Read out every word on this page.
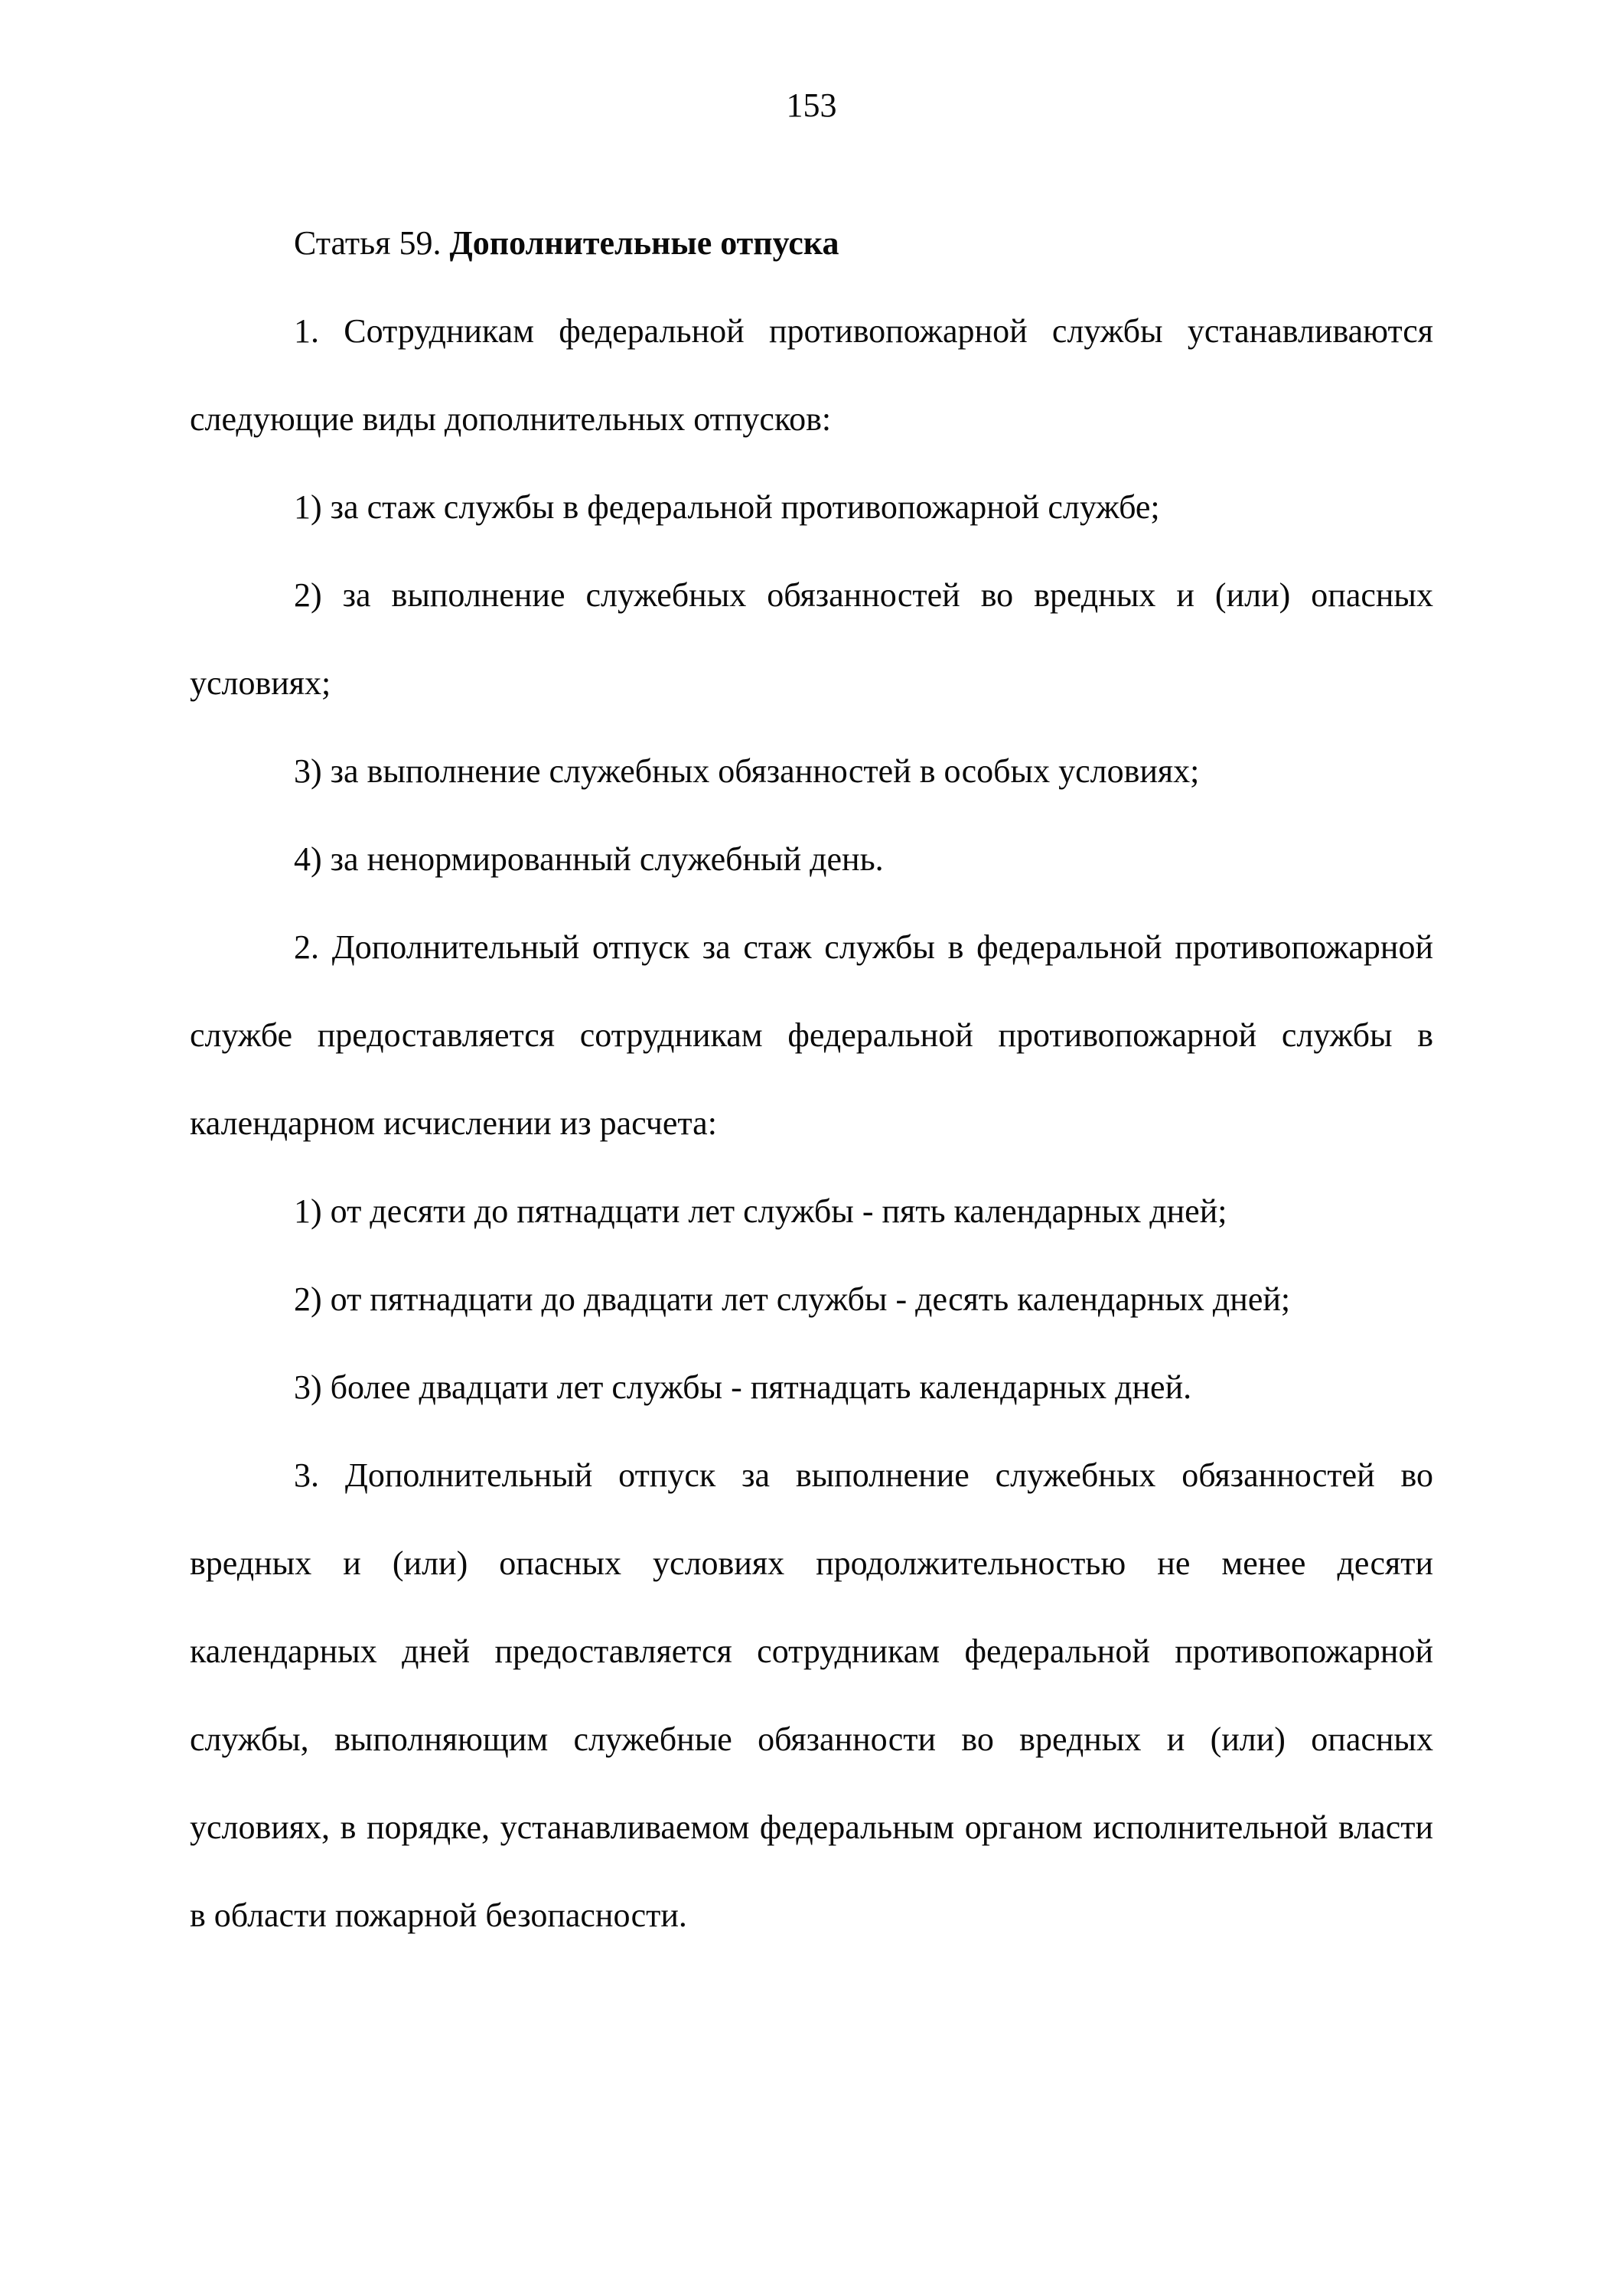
153

Статья 59. Дополнительные отпуска

1. Сотрудникам федеральной противопожарной службы устанавливаются следующие виды дополнительных отпусков:

1) за стаж службы в федеральной противопожарной службе;

2) за выполнение служебных обязанностей во вредных и (или) опасных условиях;

3) за выполнение служебных обязанностей в особых условиях;

4) за ненормированный служебный день.

2. Дополнительный отпуск за стаж службы в федеральной противопожарной службе предоставляется сотрудникам федеральной противопожарной службы в календарном исчислении из расчета:

1) от десяти до пятнадцати лет службы - пять календарных дней;

2) от пятнадцати до двадцати лет службы - десять календарных дней;

3) более двадцати лет службы - пятнадцать календарных дней.

3. Дополнительный отпуск за выполнение служебных обязанностей во вредных и (или) опасных условиях продолжительностью не менее десяти календарных дней предоставляется сотрудникам федеральной противопожарной службы, выполняющим служебные обязанности во вредных и (или) опасных условиях, в порядке, устанавливаемом федеральным органом исполнительной власти в области пожарной безопасности.
